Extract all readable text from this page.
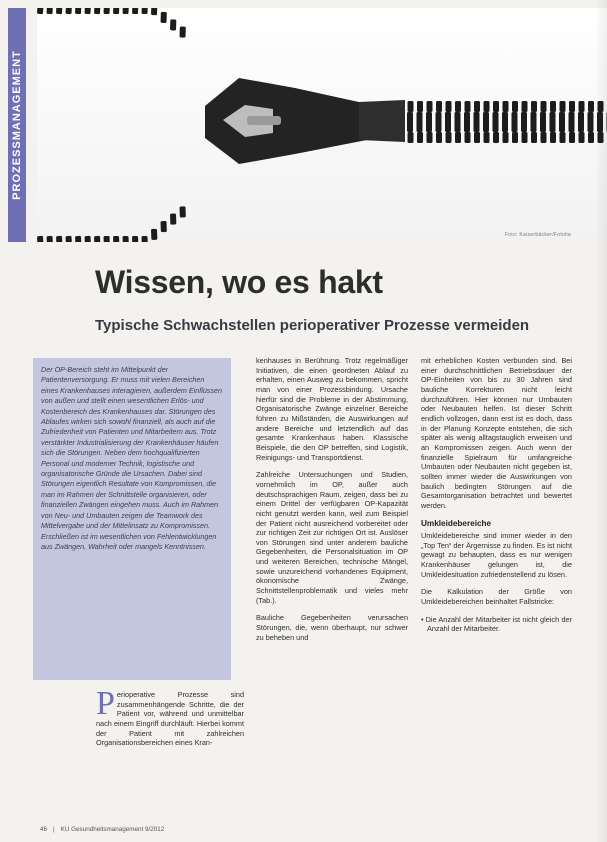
PROZESSMANAGEMENT
Foto: Kaiserbäcker/Fotolia
Wissen, wo es hakt
Typische Schwachstellen perioperativer Prozesse vermeiden
Der OP-Bereich steht im Mittelpunkt der Patientenversorgung. Er muss mit vielen Bereichen eines Krankenhauses interagieren, außerdem Einflüssen von außen und stellt einen wesentlichen Erlös- und Kostenbereich des Krankenhauses dar. Störungen des Ablaufes wirken sich sowohl finanziell, als auch auf die Zufriedenheit von Patienten und Mitarbeitern aus. Trotz verstärkter Industrialisierung der Krankenhäuser häufen sich die Störungen. Neben dem hochqualifizierten Personal und moderner Technik, logistische und organisatorische Gründe die Ursachen. Dabei sind Störungen eigentlich Resultate von Kompromissen, die man im Rahmen der Schnittstelle organisieren, oder finanziellen Zwängen eingehen muss. Auch im Rahmen von Neu- und Umbauten zeigen die Teamwork des Mittelvergabe und der Mittelinsatz zu Kompromissen. Erschließen ist im wesentlichen von Fehlentwicklungen aus Zwängen, Wahrheit oder mangels Kenntnissen.
Perioperative Prozesse sind zusammenhängende Schritte, die der Patient vor, während und unmittelbar nach einem Eingriff durchläuft. Hierbei kommt der Patient mit zahlreichen Organisationsbereichen eines Kran-

kenhauses in Berührung. Trotz regelmäßiger Initiativen, die einen geordneten Ablauf zu erhalten, einen Ausweg zu bekommen, spricht man von einer Prozessbindung. Ursache hierfür sind die Probleme in der Abstimmung, Organisatorische Zwänge einzelner Bereiche führen zu Mißständen, die Auswirkungen auf andere Bereiche und letztendlich auf das gesamte Krankenhaus haben. Klassische Beispiele, die den OP betreffen, sind Logistik, Reinigungs- und Transportdienst.

Zahlreiche Untersuchungen und Studien, vornehmlich im OP, außer auch deutschsprachigen Raum, zeigen, dass bei zu einem Drittel der verfügbaren OP-Kapazität nicht genutzt werden kann, weil zum Beispiel der Patient nicht ausreichend vorbereitet oder zur richtigen Zeit zur richtigen Ort ist. Auslöser von Störungen sind unter anderem bauliche Gegebenheiten, die Personalsituation im OP und weiteren Bereichen, technische Mängel, sowie unzureichend vorhandenes Equipment, ökonomische Zwänge, Schnittstellenproblematik und vieles mehr (Tab.).

Bauliche Gegebenheiten verursachen Störungen, die, wenn überhaupt, nur schwer zu beheben und

mit erheblichen Kosten verbunden sind. Bei einer durchschnittlichen Betriebsdauer der OP-Einheiten von bis zu 30 Jahren sind bauliche Korrekturen nicht leicht durchzuführen. Hier können nur Umbauten oder Neubauten helfen. Ist dieser Schritt endlich vollzogen, dann erst ist es doch, dass in der Planung Konzepte entstehen, die sich später als wenig alltagstauglich erweisen und an Kompromissen zeigen. Auch wenn der finanzielle Spielraum für umfangreiche Umbauten oder Neubauten nicht gegeben ist, sollten immer wieder die Auswirkungen von baulich bedingten Störungen auf die Gesamtorganisation betrachtet und bewertet werden.

Umkleidebereiche

Umkleidebereiche sind immer wieder in den „Top Ten“ der Ärgernisse zu finden. Es ist nicht gewagt zu behaupten, dass es nur wenigen Krankenhäuser gelungen ist, die Umkleidesituation zufriedenstellend zu lösen.

Die Kalkulation der Größe von Umkleidebereichen beinhaltet Fallstricke:

• Die Anzahl der Mitarbeiter ist nicht gleich der Anzahl der Mitarbeiter.
46 | KU Gesundheitsmanagement 9/2012
